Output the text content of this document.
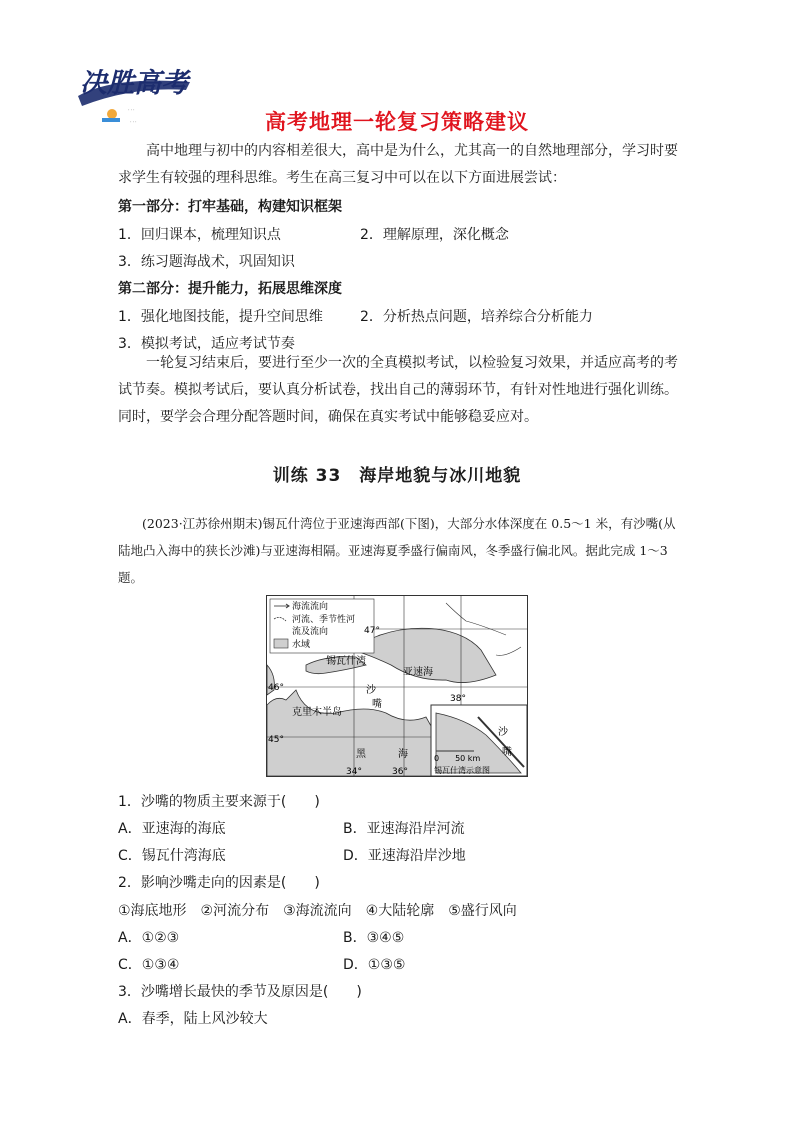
决胜高考
．．．
．．．	高考地理一轮复习策略建议
高中地理与初中的内容相差很大，高中是为什么，尤其高一的自然地理部分，学习时要求学生有较强的理科思维。考生在高三复习中可以在以下方面进展尝试：
第一部分：打牢基础，构建知识框架
1．回归课本，梳理知识点	2．理解原理，深化概念
3．练习题海战术，巩固知识
第二部分：提升能力，拓展思维深度
1．强化地图技能，提升空间思维	2．分析热点问题，培养综合分析能力
3．模拟考试，适应考试节奏
一轮复习结束后，要进行至少一次的全真模拟考试，以检验复习效果，并适应高考的考试节奏。模拟考试后，要认真分析试卷，找出自己的薄弱环节，有针对性地进行强化训练。同时，要学会合理分配答题时间，确保在真实考试中能够稳妥应对。
训练 33　海岸地貌与冰川地貌
(2023·江苏徐州期末)锡瓦什湾位于亚速海西部(下图)，大部分水体深度在 0.5～1 米，有沙嘴(从陆地凸入海中的狭长沙滩)与亚速海相隔。亚速海夏季盛行偏南风，冬季盛行偏北风。据此完成 1～3 题。
海流流向
河流、季节性河
流及流向
水域
锡瓦什湾
亚速海
克里木半岛
黑	海
沙
嘴
沙
嘴
47°
46°
45°
34°	36°
38°
0　　50 km
锡瓦什湾示意图
1．沙嘴的物质主要来源于(　　)
A．亚速海的海底	B．亚速海沿岸河流
C．锡瓦什湾海底	D．亚速海沿岸沙地
2．影响沙嘴走向的因素是(　　)
①海底地形　②河流分布　③海流流向　④大陆轮廓　⑤盛行风向
A．①②③	B．③④⑤
C．①③④	D．①③⑤
3．沙嘴增长最快的季节及原因是(　　)
A．春季，陆上风沙较大
